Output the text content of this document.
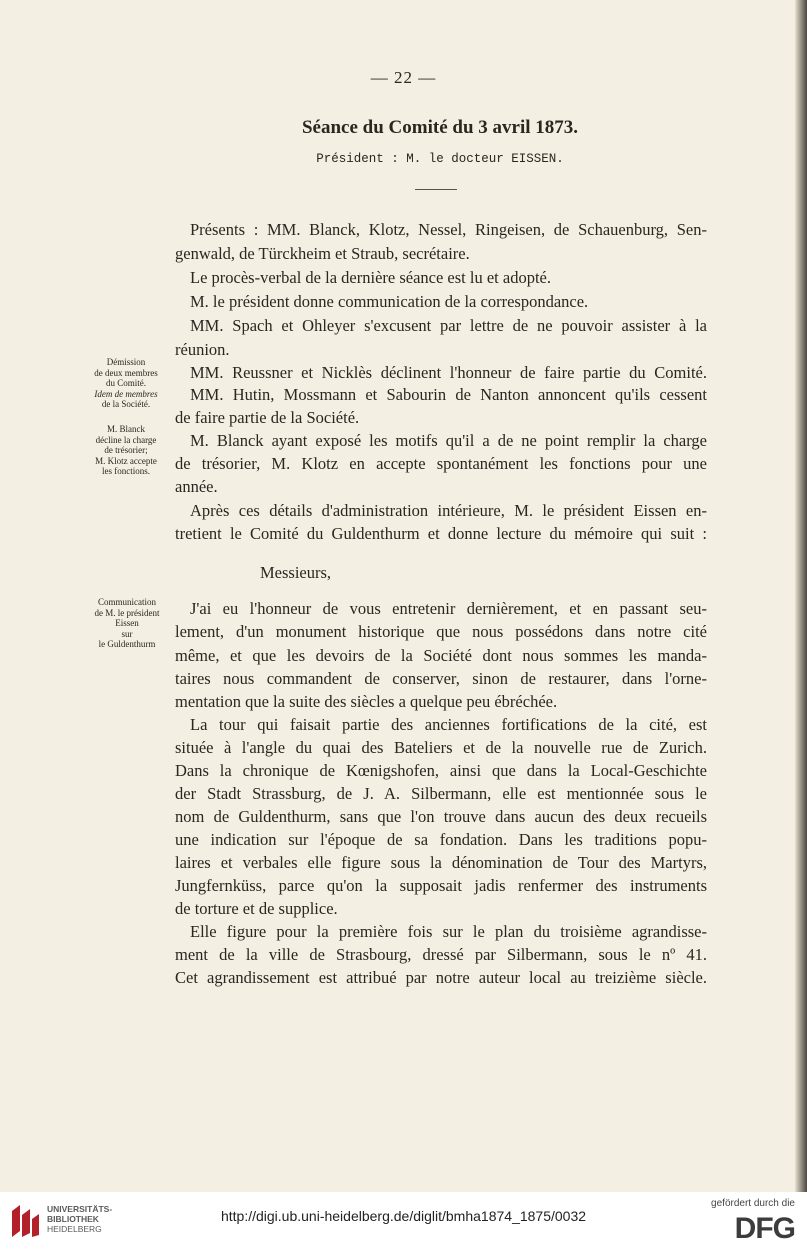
— 22 —
Séance du Comité du 3 avril 1873.
Président : M. le docteur EISSEN.
Démission
de deux membres
du Comité.
Idem de membres
de la Société.
M. Blanck
décline la charge
de trésorier;
M. Klotz accepte
les fonctions.
Communication
de M. le président
Eissen
sur
le Guldenthurm
Présents : MM. Blanck, Klotz, Nessel, Ringeisen, de Schauenburg, Sen-
genwald, de Türckheim et Straub, secrétaire.
Le procès-verbal de la dernière séance est lu et adopté.
M. le président donne communication de la correspondance.
MM. Spach et Ohleyer s'excusent par lettre de ne pouvoir assister à la
réunion.
MM. Reussner et Nicklès déclinent l'honneur de faire partie du Comité.
MM. Hutin, Mossmann et Sabourin de Nanton annoncent qu'ils cessent
de faire partie de la Société.
M. Blanck ayant exposé les motifs qu'il a de ne point remplir la charge
de trésorier, M. Klotz en accepte spontanément les fonctions pour une
année.
Après ces détails d'administration intérieure, M. le président Eissen en-
tretient le Comité du Guldenthurm et donne lecture du mémoire qui suit :
Messieurs,
J'ai eu l'honneur de vous entretenir dernièrement, et en passant seu-
lement, d'un monument historique que nous possédons dans notre cité
même, et que les devoirs de la Société dont nous sommes les manda-
taires nous commandent de conserver, sinon de restaurer, dans l'orne-
mentation que la suite des siècles a quelque peu ébréchée.
La tour qui faisait partie des anciennes fortifications de la cité, est
située à l'angle du quai des Bateliers et de la nouvelle rue de Zurich.
Dans la chronique de Kœnigshofen, ainsi que dans la Local-Geschichte
der Stadt Strassburg, de J. A. Silbermann, elle est mentionnée sous le
nom de Guldenthurm, sans que l'on trouve dans aucun des deux recueils
une indication sur l'époque de sa fondation. Dans les traditions popu-
laires et verbales elle figure sous la dénomination de Tour des Martyrs,
Jungfernküss, parce qu'on la supposait jadis renfermer des instruments
de torture et de supplice.
Elle figure pour la première fois sur le plan du troisième agrandisse-
ment de la ville de Strasbourg, dressé par Silbermann, sous le nº 41.
Cet agrandissement est attribué par notre auteur local au treizième siècle.
UNIVERSITÄTS-
BIBLIOTHEK
HEIDELBERG
http://digi.ub.uni-heidelberg.de/diglit/bmha1874_1875/0032
gefördert durch die
DFG
